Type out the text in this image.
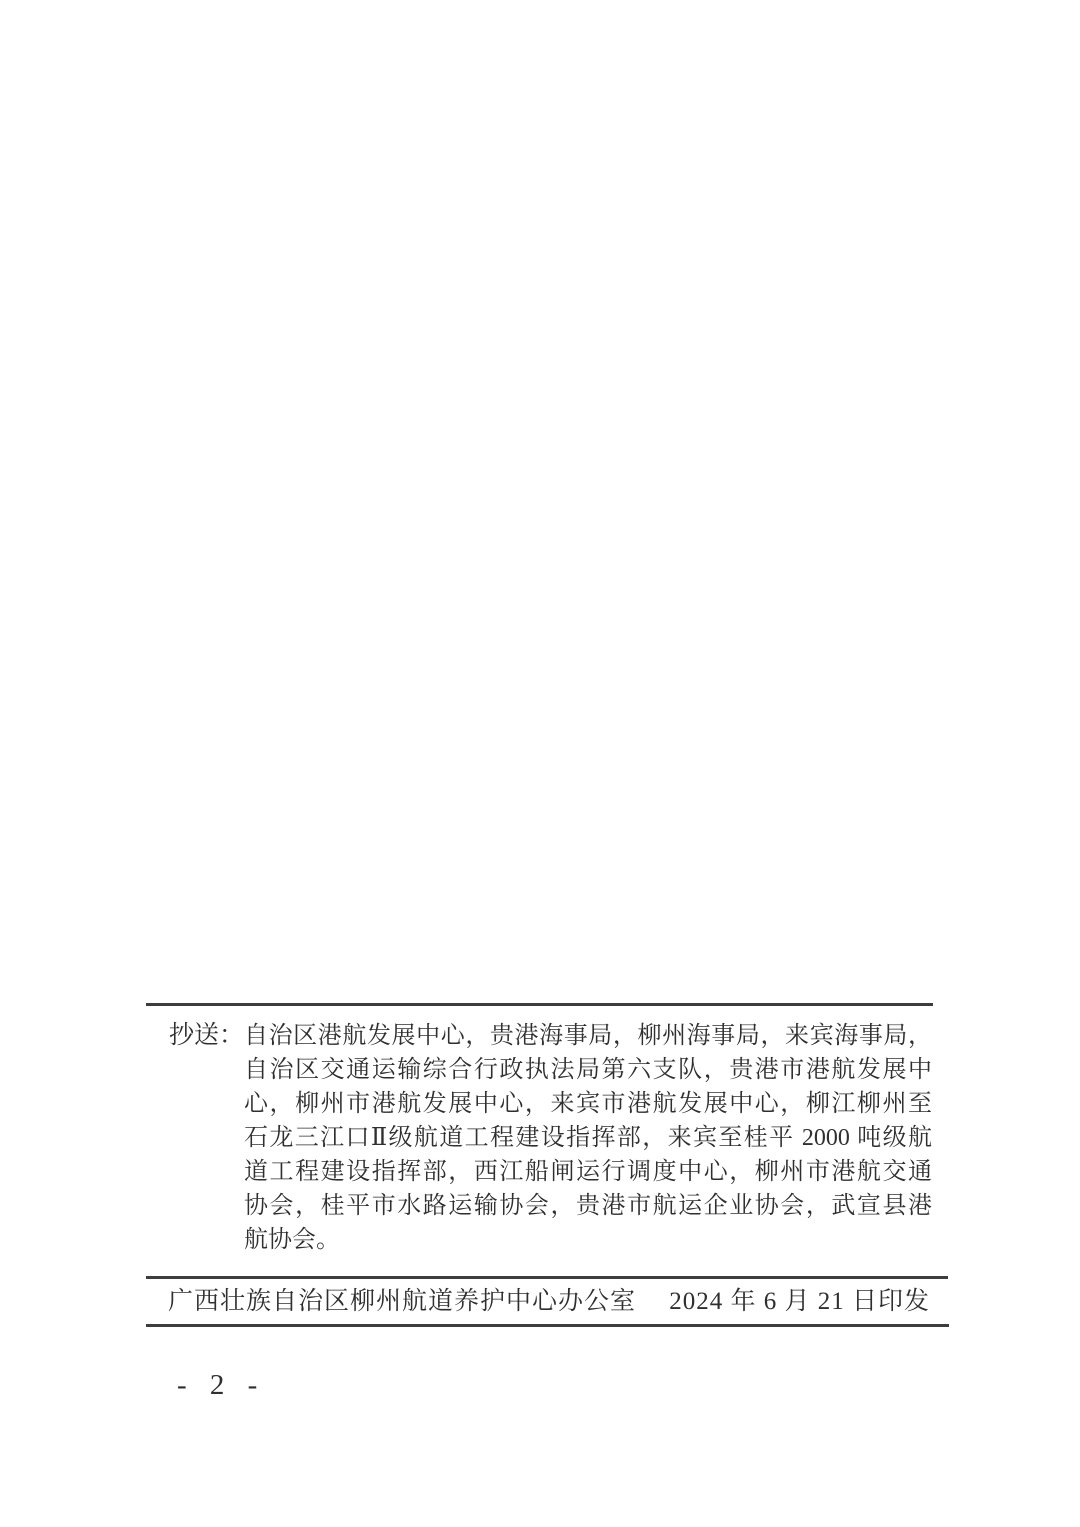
抄送： 自治区港航发展中心，贵港海事局，柳州海事局，来宾海事局，
自治区交通运输综合行政执法局第六支队，贵港市港航发展中
心，柳州市港航发展中心，来宾市港航发展中心，柳江柳州至
石龙三江口Ⅱ级航道工程建设指挥部，来宾至桂平 2000 吨级航
道工程建设指挥部，西江船闸运行调度中心，柳州市港航交通
协会，桂平市水路运输协会，贵港市航运企业协会，武宣县港
航协会。
广西壮族自治区柳州航道养护中心办公室 2024 年 6 月 21 日印发
- 2 -
